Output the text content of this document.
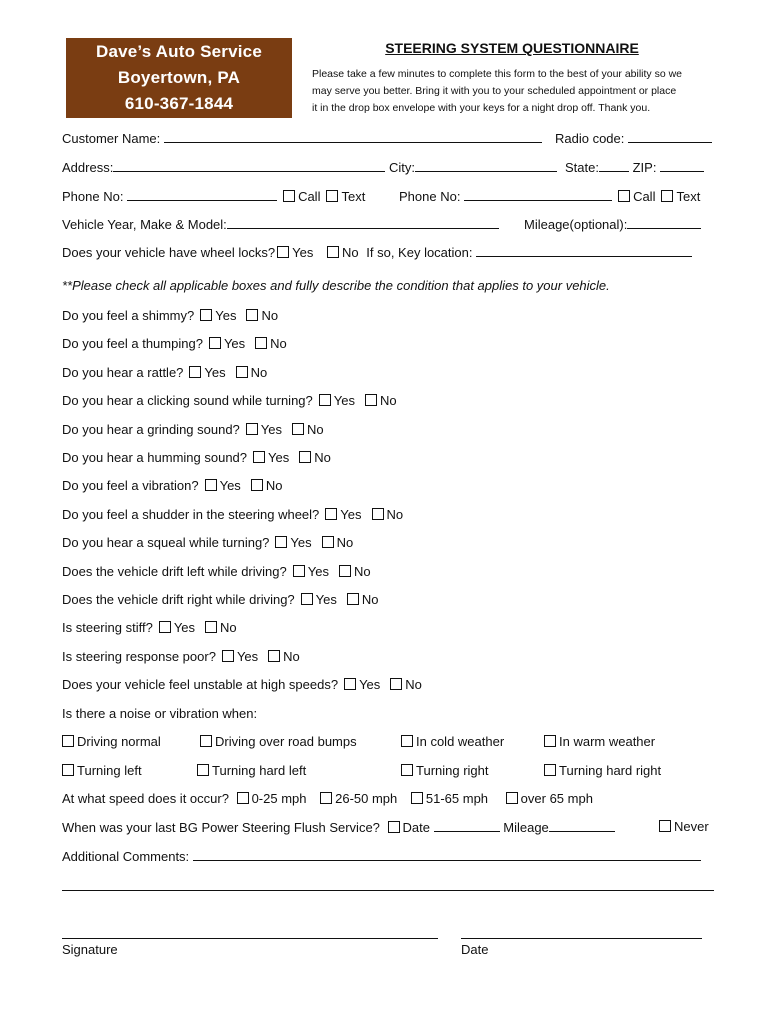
Dave’s Auto Service
Boyertown, PA
610-367-1844
STEERING SYSTEM QUESTIONNAIRE
Please take a few minutes to complete this form to the best of your ability so we
may serve you better. Bring it with you to your scheduled appointment or place
it in the drop box envelope with your keys for a night drop off. Thank you.
Customer Name:	Radio code:
Address:	City:	State:	ZIP:
Phone No:	Call Text	Phone No:	Call Text
Vehicle Year, Make & Model:	Mileage(optional):
Does your vehicle have wheel locks? Yes No If so, Key location:
**Please check all applicable boxes and fully describe the condition that applies to your vehicle.
Do you feel a shimmy? Yes No
Do you feel a thumping? Yes No
Do you hear a rattle? Yes No
Do you hear a clicking sound while turning? Yes No
Do you hear a grinding sound? Yes No
Do you hear a humming sound? Yes No
Do you feel a vibration? Yes No
Do you feel a shudder in the steering wheel? Yes No
Do you hear a squeal while turning? Yes No
Does the vehicle drift left while driving? Yes No
Does the vehicle drift right while driving? Yes No
Is steering stiff? Yes No
Is steering response poor? Yes No
Does your vehicle feel unstable at high speeds? Yes No
Is there a noise or vibration when:
Driving normal	Driving over road bumps	In cold weather	In warm weather
Turning left	Turning hard left	Turning right	Turning hard right
At what speed does it occur? 0-25 mph 26-50 mph 51-65 mph	over 65 mph
When was your last BG Power Steering Flush Service? Date	Mileage	Never
Additional Comments:
Signature	Date
